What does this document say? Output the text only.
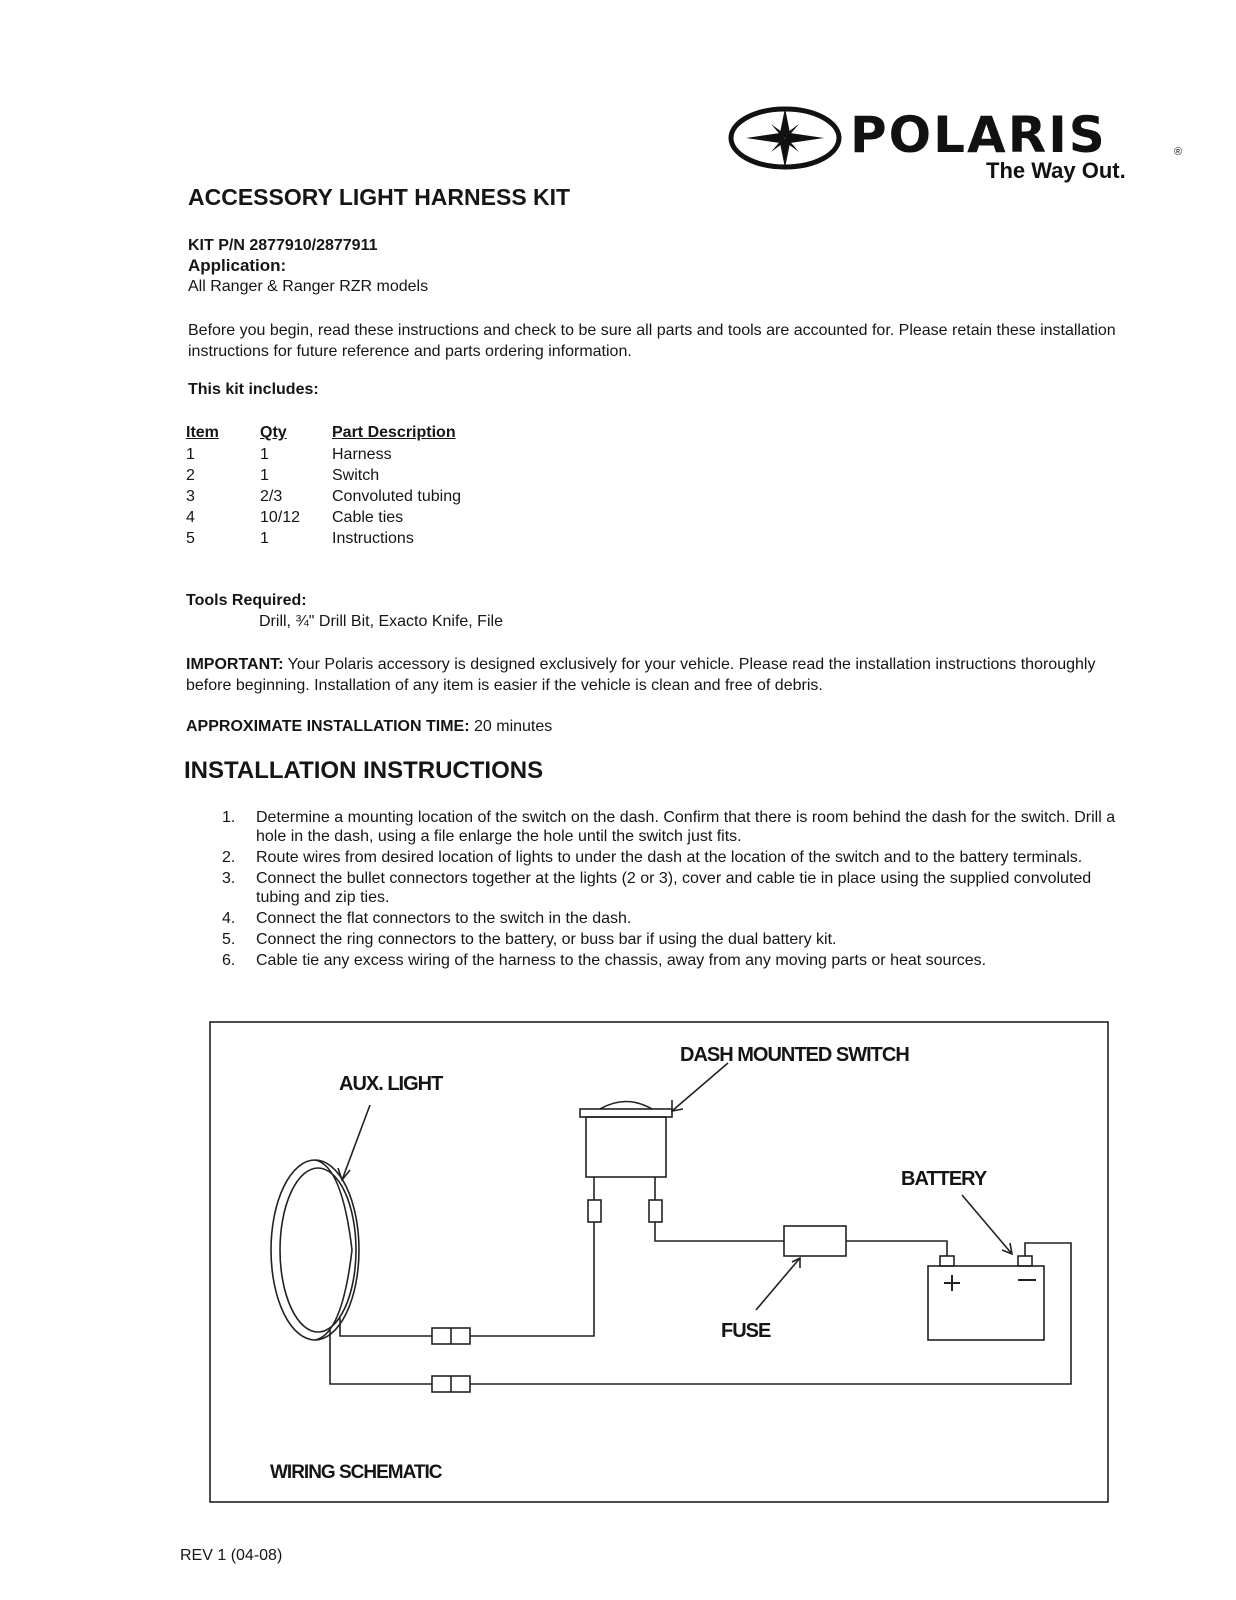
POLARIS	®
The Way Out.
ACCESSORY LIGHT HARNESS KIT
KIT P/N 2877910/2877911
Application:
All Ranger & Ranger RZR models
Before you begin, read these instructions and check to be sure all parts and tools are accounted for. Please retain these installation instructions for future reference and parts ordering information.
This kit includes:
Item	Qty	Part Description
1	1	Harness
2	1	Switch
3	2/3	Convoluted tubing
4	10/12	Cable ties
5	1	Instructions
Tools Required:
Drill, ¾" Drill Bit, Exacto Knife, File
IMPORTANT: Your Polaris accessory is designed exclusively for your vehicle. Please read the installation instructions thoroughly before beginning. Installation of any item is easier if the vehicle is clean and free of debris.
APPROXIMATE INSTALLATION TIME: 20 minutes
INSTALLATION INSTRUCTIONS
1. Determine a mounting location of the switch on the dash. Confirm that there is room behind the dash for the switch. Drill a hole in the dash, using a file enlarge the hole until the switch just fits.
2. Route wires from desired location of lights to under the dash at the location of the switch and to the battery terminals.
3. Connect the bullet connectors together at the lights (2 or 3), cover and cable tie in place using the supplied convoluted tubing and zip ties.
4. Connect the flat connectors to the switch in the dash.
5. Connect the ring connectors to the battery, or buss bar if using the dual battery kit.
6. Cable tie any excess wiring of the harness to the chassis, away from any moving parts or heat sources.
DASH MOUNTED SWITCH
AUX. LIGHT
BATTERY
FUSE
WIRING SCHEMATIC
REV 1 (04-08)
